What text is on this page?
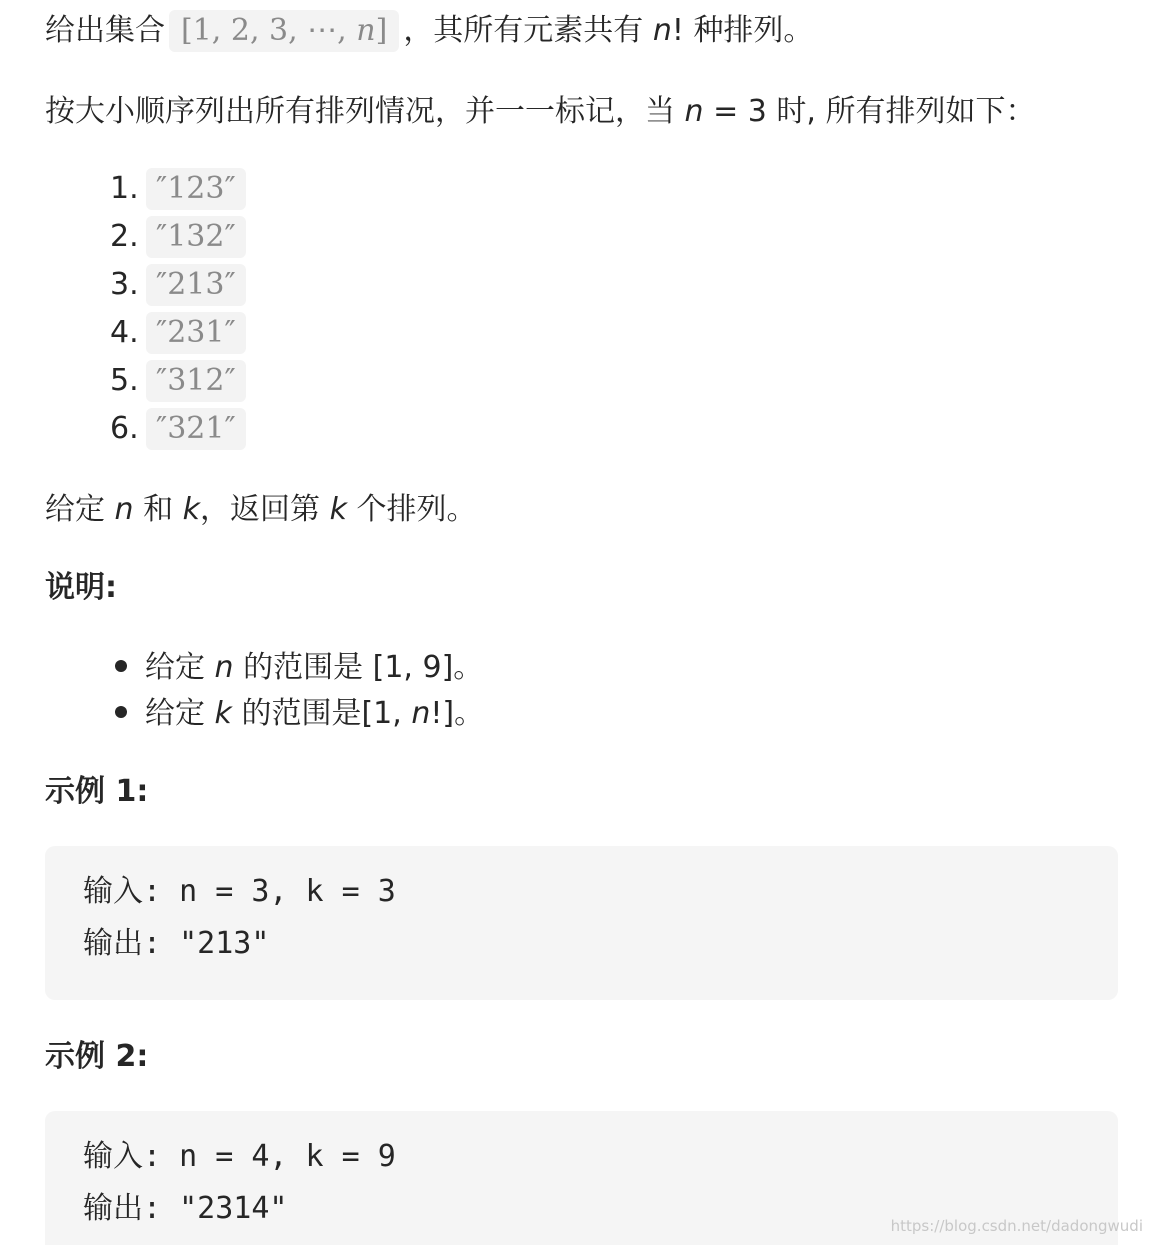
给出集合 [1, 2, 3, ⋯, n] ，其所有元素共有 n! 种排列。
按大小顺序列出所有排列情况，并一一标记，当 n = 3 时, 所有排列如下：
1. ″123″
2. ″132″
3. ″213″
4. ″231″
5. ″312″
6. ″321″
给定 n 和 k，返回第 k 个排列。
说明:
给定 n 的范围是 [1, 9]。
给定 k 的范围是[1, n!]。
示例 1:
输入: n = 3, k = 3
输出: "213"
示例 2:
输入: n = 4, k = 9
输出: "2314"	https://blog.csdn.net/dadongwudi
